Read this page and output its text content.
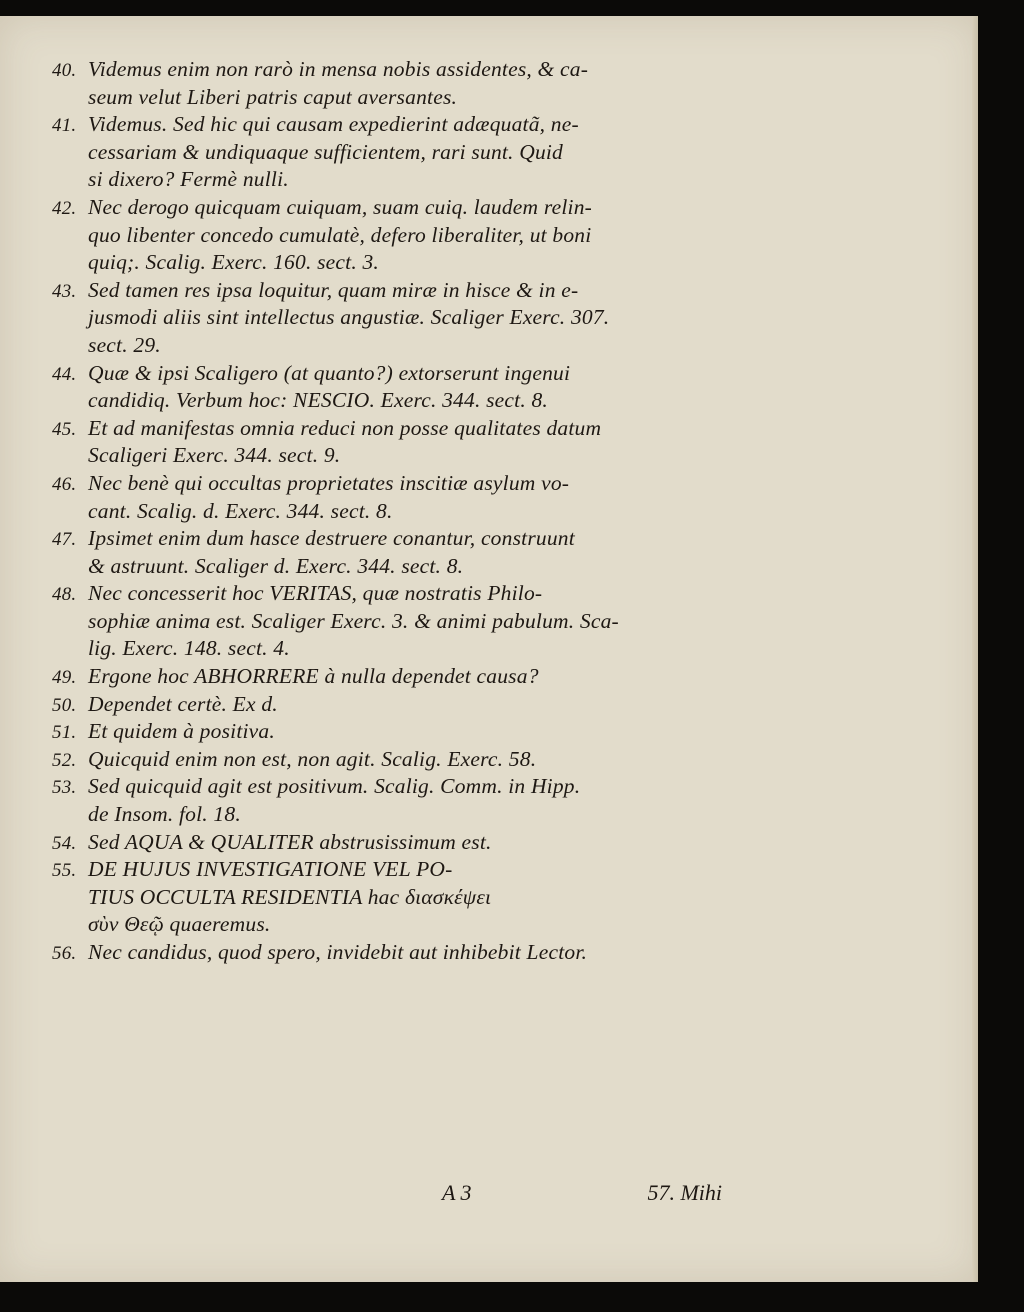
40. Videmus enim non rarò in mensa nobis assidentes, & ca-
seum velut Liberi patris caput aversantes.
41. Videmus. Sed hic qui causam expedierint adæquatã, ne-
cessariam & undiquaque sufficientem, rari sunt. Quid
si dixero? Fermè nulli.
42. Nec derogo quicquam cuiquam, suam cuiq. laudem relin-
quo libenter concedo cumulatè, defero liberaliter, ut boni
quiq;. Scalig. Exerc. 160. sect. 3.
43. Sed tamen res ipsa loquitur, quam miræ in hisce & in e-
jusmodi aliis sint intellectus angustiæ. Scaliger Exerc. 307.
sect. 29.
44. Quæ & ipsi Scaligero (at quanto?) extorserunt ingenui
candidiq. Verbum hoc: NESCIO. Exerc. 344. sect. 8.
45. Et ad manifestas omnia reduci non posse qualitates datum
Scaligeri Exerc. 344. sect. 9.
46. Nec benè qui occultas proprietates inscitiæ asylum vo-
cant. Scalig. d. Exerc. 344. sect. 8.
47. Ipsimet enim dum hasce destruere conantur, construunt
& astruunt. Scaliger d. Exerc. 344. sect. 8.
48. Nec concesserit hoc VERITAS, quæ nostratis Philo-
sophiæ anima est. Scaliger Exerc. 3. & animi pabulum. Sca-
lig. Exerc. 148. sect. 4.
49. Ergone hoc ABHORRERE à nulla dependet causa?
50. Dependet certè. Ex d.
51. Et quidem à positiva.
52. Quicquid enim non est, non agit. Scalig. Exerc. 58.
53. Sed quicquid agit est positivum. Scalig. Comm. in Hipp.
de Insom. fol. 18.
54. Sed AQUA & QUALITER abstrusissimum est.
55. DE HUJUS INVESTIGATIONE VEL PO-
TIUS OCCULTA RESIDENTIA hac διασκέψει
σὺν Θεῷ quaeremus.
56. Nec candidus, quod spero, invidebit aut inhibebit Lector.
A 3	57. Mihi
